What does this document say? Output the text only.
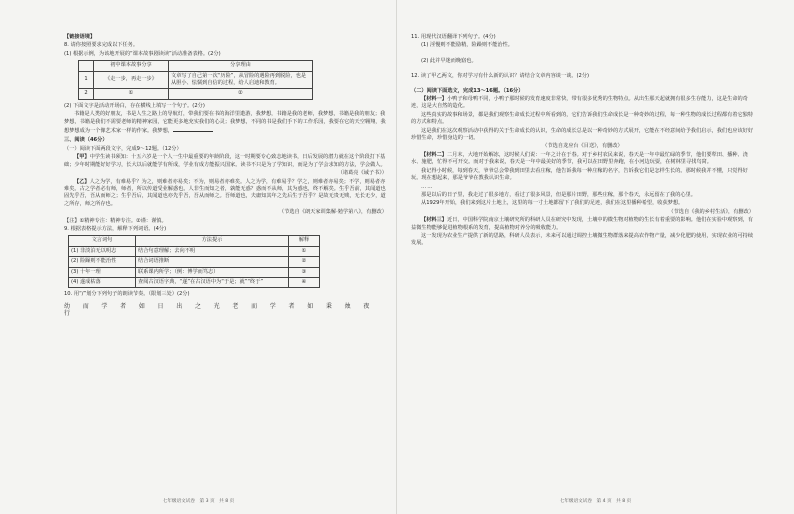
【链接语境】

8. 请你按照要求完成以下任务。

(1) 根据示例，为该地开展的“课本故事剧读读”活动准备表格。(2分)

	初中课本故事分享	分享理由
1	《走一步，再走一步》	文章写了自己第一次“历险”，从冒险的遇险再到脱险，也是从胆小、怯懦到自信的过程，给人启迪和教育。
2	①	②

(2) 下面文字是活动开场白，存在横线上填写一个句子。(2分)

书籍是人类的好朋友，书是人生之路上的导航灯，带我们要在书的海洋里遨游，我梦想，书籍是我的老师，我梦想，书籍是我的朋友；我梦想，书籍是我们不需要老师的精神家园，它能更多地充实我们的心灵；我梦想，不同的书是我们手下的工作乐园，我要在它的天空翱翔，我想梦想成为一个像艺术家一样的作家。我梦想，

三、阅读（46分）

（一）阅读下面两段文字，完成9～12题。（12分）

【甲】中学生读书须知：十五六岁是一个人一生中最重要的年龄阶段，这一时期要专心致志地读书，日后发展的潜力就在这个阶段打下基础；少年时期能好好学习，长大以后就能学有所成，学业有成方能振兴国家。读书不只是为了学知识，而是为了学会求知的方法，学会做人。

（诸葛亮《诫子书》）

【乙】人之为学，有难易乎？为之，则难者亦易矣；不为，则易者亦难矣。人之为学，有难易乎？学之，则难者亦易矣；不学，则易者亦难矣。古之学者必有师，师者，所以传道受业解惑也。人非生而知之者，孰能无惑？惑而不从师，其为惑也，终不解矣。生乎吾前，其闻道也固先乎吾，吾从而师之；生乎吾后，其闻道也亦先乎吾，吾从而师之。吾师道也，夫庸知其年之先后生于吾乎？是故无贵无贱，无长无少，道之所存，师之所存也。

（节选自《朗天家训集解·勉学第八》，有删改）

【注】①精神专注：精神专注。②谨：谨慎。

9. 根据表格提示方法，解释下列词语。(4分)

文言词句	方法提示	解释
(1) 非淡泊无以明志	结合句意理解；去向不明	①
(2) 险躁则不能治性	结合词语推断	②
(3) 十年一理	联系课内所学；（例：博学而笃志）	③
(4) 遂成枯落	查阅古汉语字典，“遂”在古汉语中为“于是；就”“终于”	④

10. 用“/”划分下列句子的朗读节奏。（限划三处）(2分)

幼 而 学 者 如 日 出 之 光 老 而 学 者 如 秉 烛 夜 行

七年级语文试卷　第 3 页　共 8 页

11. 用现代汉语翻译下列句子。(4分)

(1) 淫慢则不能励精，险躁则不能治性。

(2) 此并早迷而晚寤也。

12. 读了甲乙两文，你对学习有什么新的认识？请结合文章内容谈一谈。(2分)

（二）阅读下面选文，完成13～16题。（16分）

【材料一】小鸭子和母鸭不同，小鸭子那时候的发育速度非常快，带有很多优秀的生物特点。从出生那天起就拥有很多生存能力，这是生命的奇迹，这是大自然的造化。

这些真实的故事和场景，都是我们观察生命成长过程中所看到的，它们告诉我们生命成长是一种奇妙的过程，每一种生物的成长过程都有着它独特的方式和特点。

这是我们在这次观察活动中获得的关于生命成长的认识，生命的成长总是以一种奇妙的方式展开，它能在不经意间给予我们启示，我们也应该好好珍惜生命，珍惜身边的一切。

（节选自龙应台《目送》，有删改）

【材料二】二月末，大地开始解冻，这时候人们说：一年之计在于春。对于乡村农民来说，春天是一年中最忙碌的季节，他们要犁田、播种、浇水、施肥，忙得不可开交。而对于我来说，春天是一年中最美好的季节，我可以在田野里奔跑，在小河边玩耍，在树林里寻找鸟窝。

我记得小时候，每到春天，爷爷总会带我到田里去看庄稼，他告诉我每一种庄稼的名字，告诉我它们是怎样生长的。那时候我并不懂，只觉得好玩。现在想起来，那是爷爷在教我认识生命。

……

那是以后的日子里，我走过了很多地方，看过了很多风景，但是那片田野，那些庄稼，那个春天，永远留在了我的心里。

从1929年开始，我们来到这片土地上，这里的每一寸土地都留下了我们的足迹，我们在这里播种希望，收获梦想。

（节选自《我的乡村生活》，有删改）

【材料三】近日，中国科学院南京土壤研究所的科研人员在研究中发现，土壤中的微生物对植物的生长有着重要的影响。他们在实验中观察到，有益微生物能够促进植物根系的发育，提高植物对养分的吸收能力。

这一发现为农业生产提供了新的思路，科研人员表示，未来可以通过调控土壤微生物群落来提高农作物产量，减少化肥的使用，实现农业的可持续发展。

七年级语文试卷　第 4 页　共 8 页
